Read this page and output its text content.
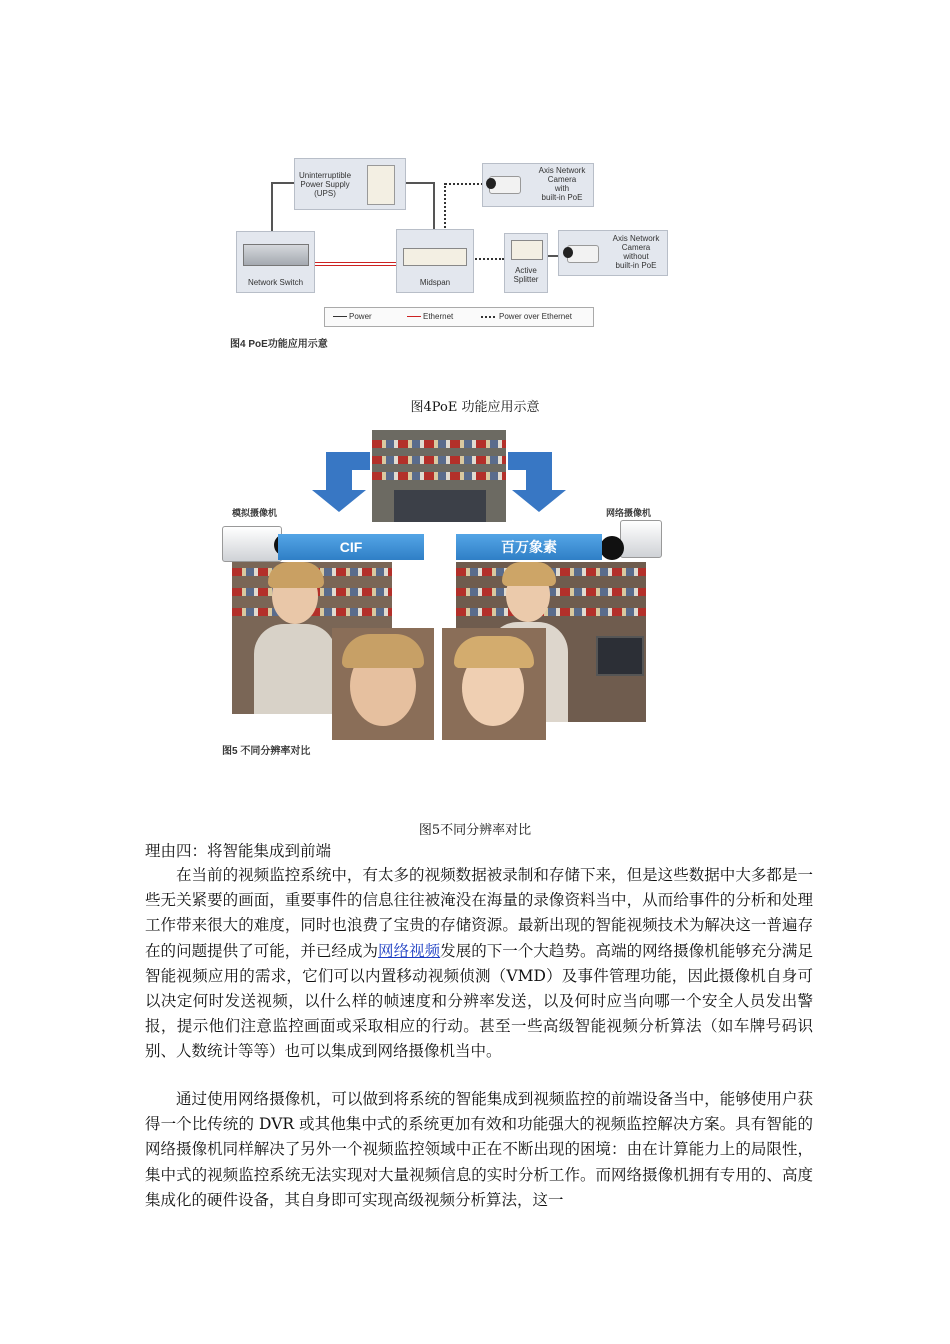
Uninterruptible
Power Supply
(UPS)
Axis Network
Camera
with
built-in PoE
Network Switch	Midspan
Active
Splitter
Axis Network
Camera
without
built-in PoE
Power	Ethernet	Power over Ethernet
图4 PoE功能应用示意
图4PoE 功能应用示意
模拟摄像机	网络摄像机
CIF	百万象素
图5 不同分辨率对比
图5不同分辨率对比
理由四：将智能集成到前端

在当前的视频监控系统中，有太多的视频数据被录制和存储下来，但是这些数据中大多都是一些无关紧要的画面，重要事件的信息往往被淹没在海量的录像资料当中，从而给事件的分析和处理工作带来很大的难度，同时也浪费了宝贵的存储资源。最新出现的智能视频技术为解决这一普遍存在的问题提供了可能，并已经成为网络视频发展的下一个大趋势。高端的网络摄像机能够充分满足智能视频应用的需求，它们可以内置移动视频侦测（VMD）及事件管理功能，因此摄像机自身可以决定何时发送视频，以什么样的帧速度和分辨率发送，以及何时应当向哪一个安全人员发出警报，提示他们注意监控画面或采取相应的行动。甚至一些高级智能视频分析算法（如车牌号码识别、人数统计等等）也可以集成到网络摄像机当中。

通过使用网络摄像机，可以做到将系统的智能集成到视频监控的前端设备当中，能够使用户获得一个比传统的 DVR 或其他集中式的系统更加有效和功能强大的视频监控解决方案。具有智能的网络摄像机同样解决了另外一个视频监控领域中正在不断出现的困境：由在计算能力上的局限性，集中式的视频监控系统无法实现对大量视频信息的实时分析工作。而网络摄像机拥有专用的、高度集成化的硬件设备，其自身即可实现高级视频分析算法，这一
